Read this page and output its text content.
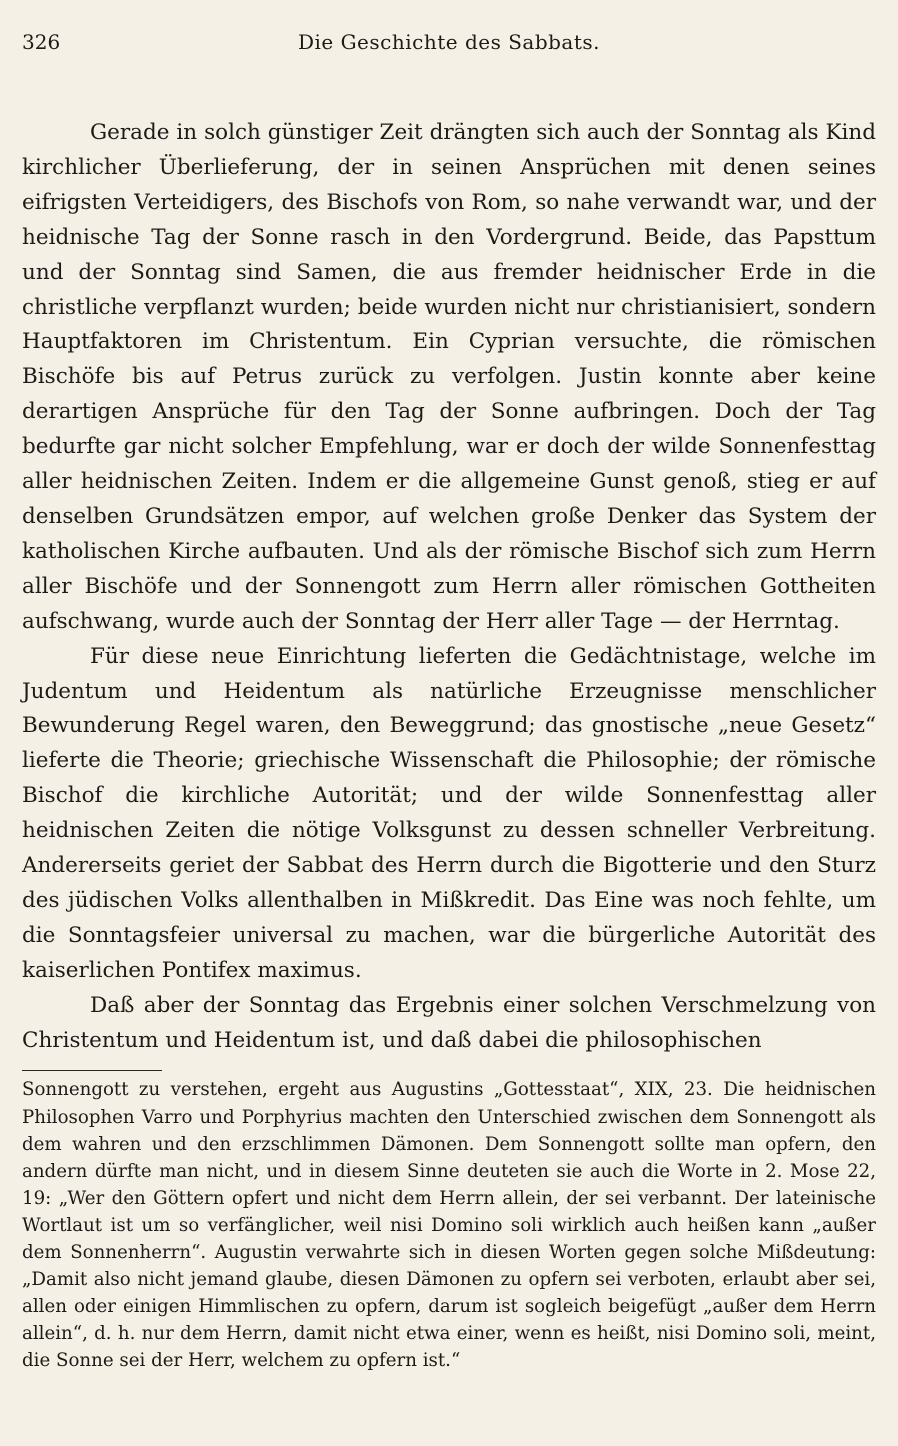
326	Die Geschichte des Sabbats.

Gerade in solch günstiger Zeit drängten sich auch der Sonntag als Kind kirchlicher Überlieferung, der in seinen Ansprüchen mit denen seines eifrigsten Verteidigers, des Bischofs von Rom, so nahe verwandt war, und der heidnische Tag der Sonne rasch in den Vordergrund. Beide, das Papsttum und der Sonntag sind Samen, die aus fremder heidnischer Erde in die christliche verpflanzt wurden; beide wurden nicht nur christianisiert, sondern Hauptfaktoren im Christentum. Ein Cyprian versuchte, die römischen Bischöfe bis auf Petrus zurück zu verfolgen. Justin konnte aber keine derartigen Ansprüche für den Tag der Sonne aufbringen. Doch der Tag bedurfte gar nicht solcher Empfehlung, war er doch der wilde Sonnenfesttag aller heidnischen Zeiten. Indem er die allgemeine Gunst genoß, stieg er auf denselben Grundsätzen empor, auf welchen große Denker das System der katholischen Kirche aufbauten. Und als der römische Bischof sich zum Herrn aller Bischöfe und der Sonnengott zum Herrn aller römischen Gottheiten aufschwang, wurde auch der Sonntag der Herr aller Tage — der Herrntag.

Für diese neue Einrichtung lieferten die Gedächtnistage, welche im Judentum und Heidentum als natürliche Erzeugnisse menschlicher Bewunderung Regel waren, den Beweggrund; das gnostische „neue Gesetz“ lieferte die Theorie; griechische Wissenschaft die Philosophie; der römische Bischof die kirchliche Autorität; und der wilde Sonnenfesttag aller heidnischen Zeiten die nötige Volksgunst zu dessen schneller Verbreitung. Andererseits geriet der Sabbat des Herrn durch die Bigotterie und den Sturz des jüdischen Volks allenthalben in Mißkredit. Das Eine was noch fehlte, um die Sonntagsfeier universal zu machen, war die bürgerliche Autorität des kaiserlichen Pontifex maximus.

Daß aber der Sonntag das Ergebnis einer solchen Verschmelzung von Christentum und Heidentum ist, und daß dabei die philosophischen

Sonnengott zu verstehen, ergeht aus Augustins „Gottesstaat“, XIX, 23. Die heidnischen Philosophen Varro und Porphyrius machten den Unterschied zwischen dem Sonnengott als dem wahren und den erzschlimmen Dämonen. Dem Sonnengott sollte man opfern, den andern dürfte man nicht, und in diesem Sinne deuteten sie auch die Worte in 2. Mose 22, 19: „Wer den Göttern opfert und nicht dem Herrn allein, der sei verbannt. Der lateinische Wortlaut ist um so verfänglicher, weil nisi Domino soli wirklich auch heißen kann „außer dem Sonnenherrn“. Augustin verwahrte sich in diesen Worten gegen solche Mißdeutung: „Damit also nicht jemand glaube, diesen Dämonen zu opfern sei verboten, erlaubt aber sei, allen oder einigen Himmlischen zu opfern, darum ist sogleich beigefügt „außer dem Herrn allein“, d. h. nur dem Herrn, damit nicht etwa einer, wenn es heißt, nisi Domino soli, meint, die Sonne sei der Herr, welchem zu opfern ist.“
